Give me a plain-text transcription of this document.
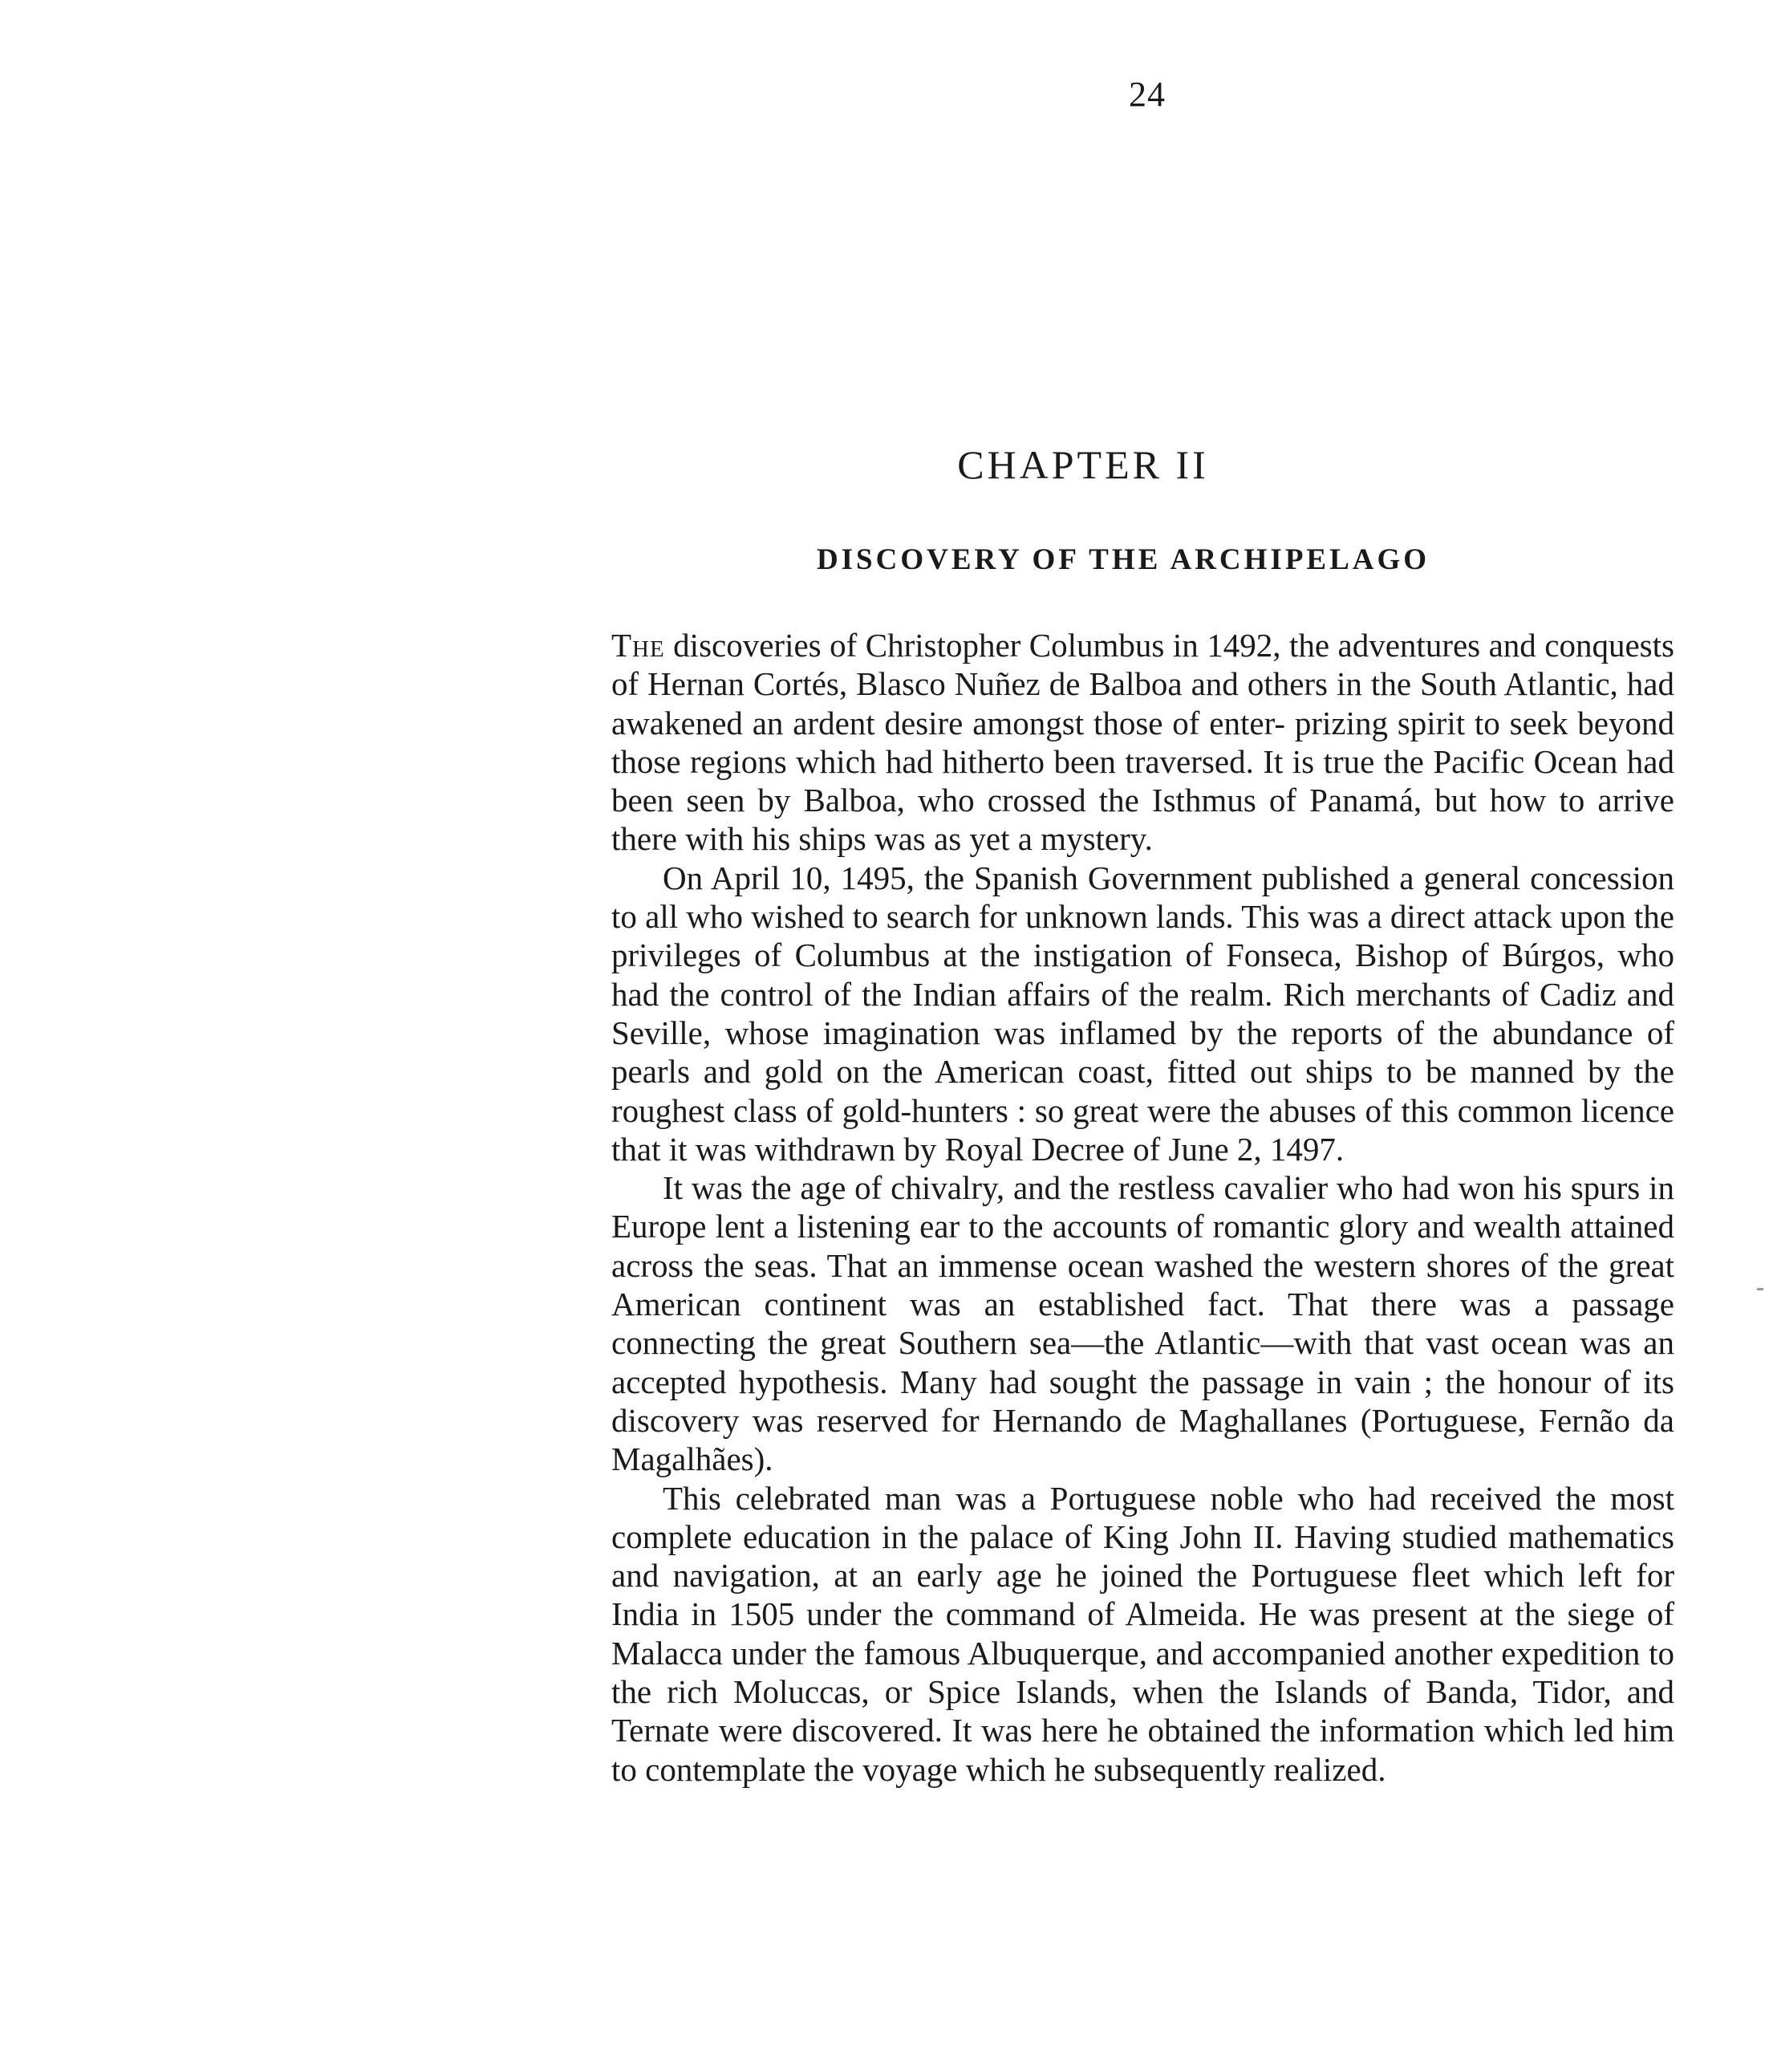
24
CHAPTER II
DISCOVERY OF THE ARCHIPELAGO

The discoveries of Christopher Columbus in 1492, the adventures and conquests of Hernan Cortés, Blasco Nuñez de Balboa and others in the South Atlantic, had awakened an ardent desire amongst those of enter- prizing spirit to seek beyond those regions which had hitherto been traversed. It is true the Pacific Ocean had been seen by Balboa, who crossed the Isthmus of Panamá, but how to arrive there with his ships was as yet a mystery.

On April 10, 1495, the Spanish Government published a general concession to all who wished to search for unknown lands. This was a direct attack upon the privileges of Columbus at the instigation of Fonseca, Bishop of Búrgos, who had the control of the Indian affairs of the realm. Rich merchants of Cadiz and Seville, whose imagination was inflamed by the reports of the abundance of pearls and gold on the American coast, fitted out ships to be manned by the roughest class of gold-hunters : so great were the abuses of this common licence that it was withdrawn by Royal Decree of June 2, 1497.

It was the age of chivalry, and the restless cavalier who had won his spurs in Europe lent a listening ear to the accounts of romantic glory and wealth attained across the seas. That an immense ocean washed the western shores of the great American continent was an established fact. That there was a passage connecting the great Southern sea—the Atlantic—with that vast ocean was an accepted hypothesis. Many had sought the passage in vain ; the honour of its discovery was reserved for Hernando de Maghallanes (Portuguese, Fernão da Magalhães).

This celebrated man was a Portuguese noble who had received the most complete education in the palace of King John II. Having studied mathematics and navigation, at an early age he joined the Portuguese fleet which left for India in 1505 under the command of Almeida. He was present at the siege of Malacca under the famous Albuquerque, and accompanied another expedition to the rich Moluccas, or Spice Islands, when the Islands of Banda, Tidor, and Ternate were discovered. It was here he obtained the information which led him to contemplate the voyage which he subsequently realized.
